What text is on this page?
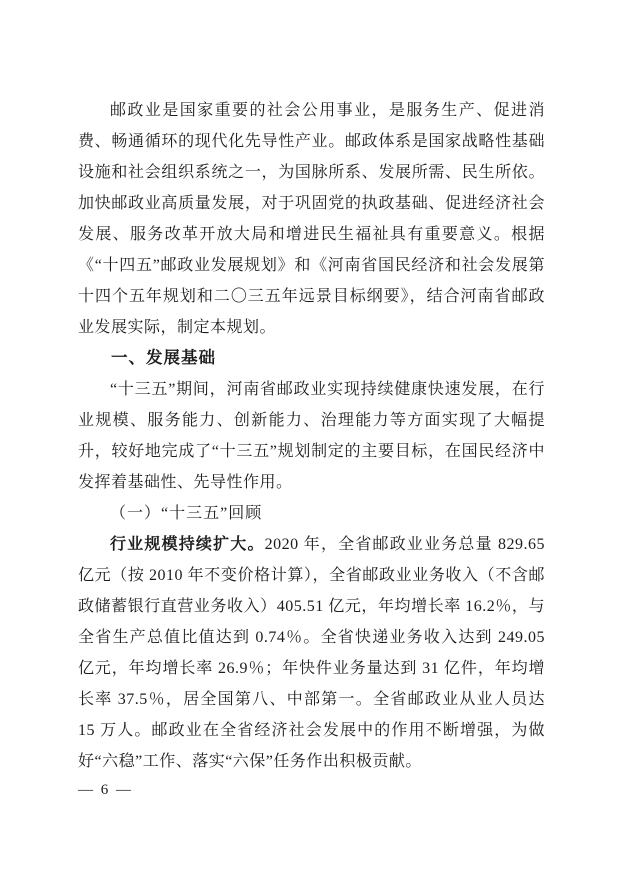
邮政业是国家重要的社会公用事业，是服务生产、促进消费、畅通循环的现代化先导性产业。邮政体系是国家战略性基础设施和社会组织系统之一，为国脉所系、发展所需、民生所依。加快邮政业高质量发展，对于巩固党的执政基础、促进经济社会发展、服务改革开放大局和增进民生福祉具有重要意义。根据《“十四五”邮政业发展规划》和《河南省国民经济和社会发展第十四个五年规划和二〇三五年远景目标纲要》，结合河南省邮政业发展实际，制定本规划。

一、发展基础

“十三五”期间，河南省邮政业实现持续健康快速发展，在行业规模、服务能力、创新能力、治理能力等方面实现了大幅提升，较好地完成了“十三五”规划制定的主要目标，在国民经济中发挥着基础性、先导性作用。

（一）“十三五”回顾

行业规模持续扩大。2020 年，全省邮政业业务总量 829.65 亿元（按 2010 年不变价格计算），全省邮政业业务收入（不含邮政储蓄银行直营业务收入）405.51 亿元，年均增长率 16.2％，与全省生产总值比值达到 0.74％。全省快递业务收入达到 249.05 亿元，年均增长率 26.9％；年快件业务量达到 31 亿件，年均增长率 37.5％，居全国第八、中部第一。全省邮政业从业人员达 15 万人。邮政业在全省经济社会发展中的作用不断增强，为做好“六稳”工作、落实“六保”任务作出积极贡献。

— 6 —
